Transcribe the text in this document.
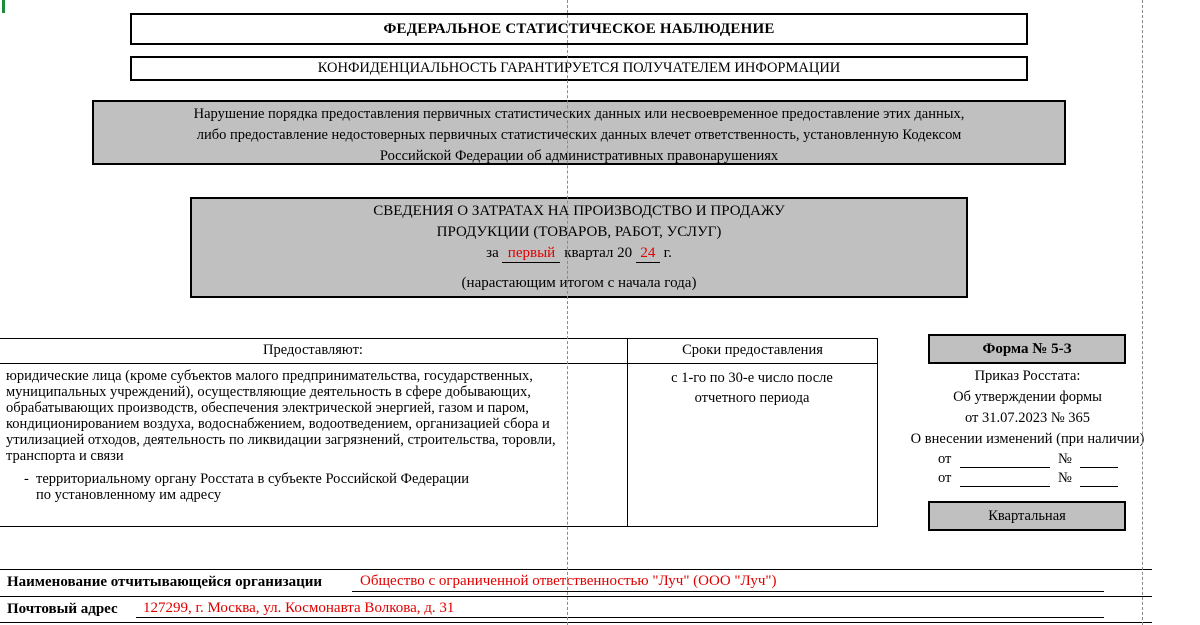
ФЕДЕРАЛЬНОЕ СТАТИСТИЧЕСКОЕ НАБЛЮДЕНИЕ
КОНФИДЕНЦИАЛЬНОСТЬ ГАРАНТИРУЕТСЯ ПОЛУЧАТЕЛЕМ ИНФОРМАЦИИ
Нарушение порядка предоставления первичных статистических данных или несвоевременное предоставление этих данных,
либо предоставление недостоверных первичных статистических данных влечет ответственность, установленную Кодексом
Российской Федерации об административных правонарушениях
СВЕДЕНИЯ О ЗАТРАТАХ НА ПРОИЗВОДСТВО И ПРОДАЖУ
ПРОДУКЦИИ (ТОВАРОВ, РАБОТ, УСЛУГ)
за первый квартал 20 24 г.
(нарастающим итогом с начала года)
Предоставляют:	Сроки предоставления
юридические лица (кроме субъектов малого предпринимательства, государственных, муниципальных учреждений), осуществляющие деятельность в сфере добывающих, обрабатывающих производств, обеспечения электрической энергией, газом и паром, кондиционированием воздуха, водоснабжением, водоотведением, организацией сбора и утилизацией отходов, деятельность по ликвидации загрязнений, строительства, торовли, транспорта и связи
- территориальному органу Росстата в субъекте Российской Федерации
по установленному им адресу
с 1-го по 30-е число после
отчетного периода
Форма № 5-З
Приказ Росстата:
Об утверждении формы
от 31.07.2023 № 365
О внесении изменений (при наличии)
от	№
от	№
Квартальная
Наименование отчитывающейся организации	Общество с ограниченной ответственностью "Луч" (ООО "Луч")
Почтовый адрес 127299, г. Москва, ул. Космонавта Волкова, д. 31
